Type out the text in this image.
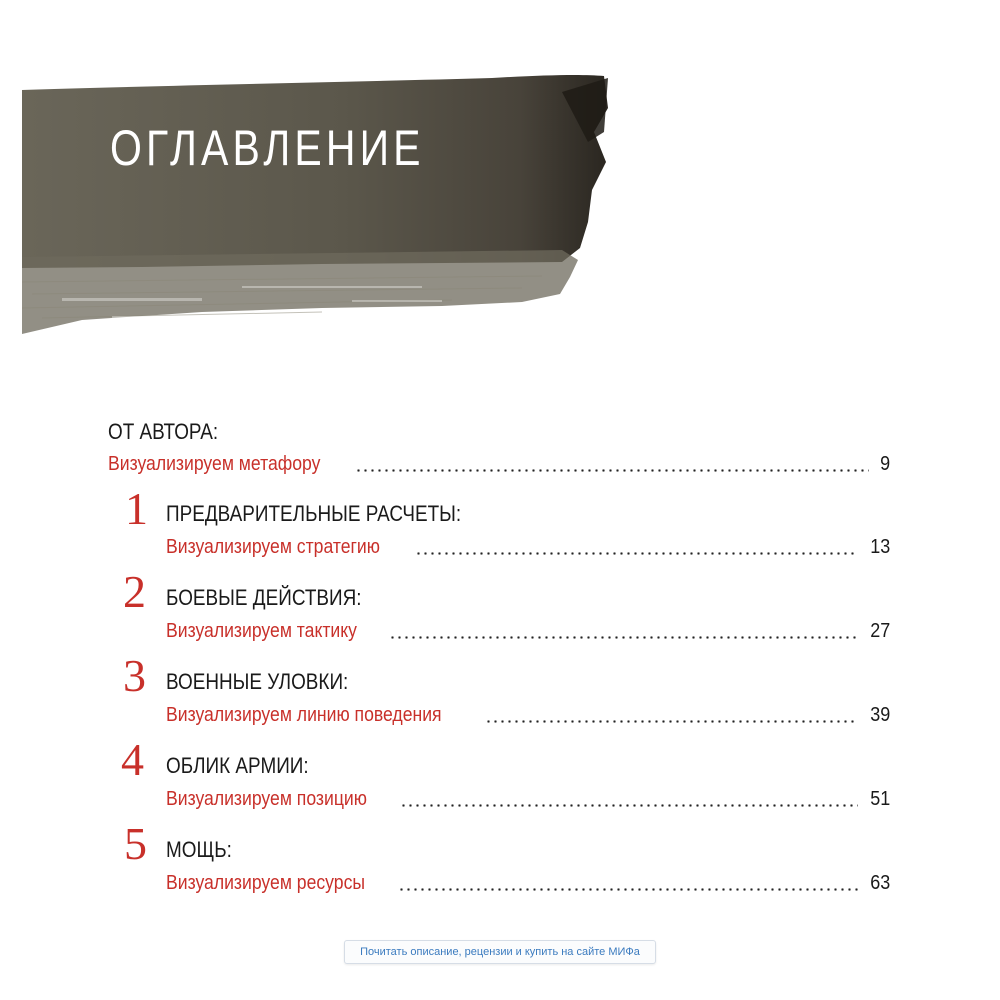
ОГЛАВЛЕНИЕ
ОТ АВТОРА:
Визуализируем метафору	9
1 ПРЕДВАРИТЕЛЬНЫЕ РАСЧЕТЫ:
Визуализируем стратегию	13
2 БОЕВЫЕ ДЕЙСТВИЯ:
Визуализируем тактику	27
3 ВОЕННЫЕ УЛОВКИ:
Визуализируем линию поведения	39
4 ОБЛИК АРМИИ:
Визуализируем позицию	51
5 МОЩЬ:
Визуализируем ресурсы	63
Почитать описание, рецензии и купить на сайте МИФа
